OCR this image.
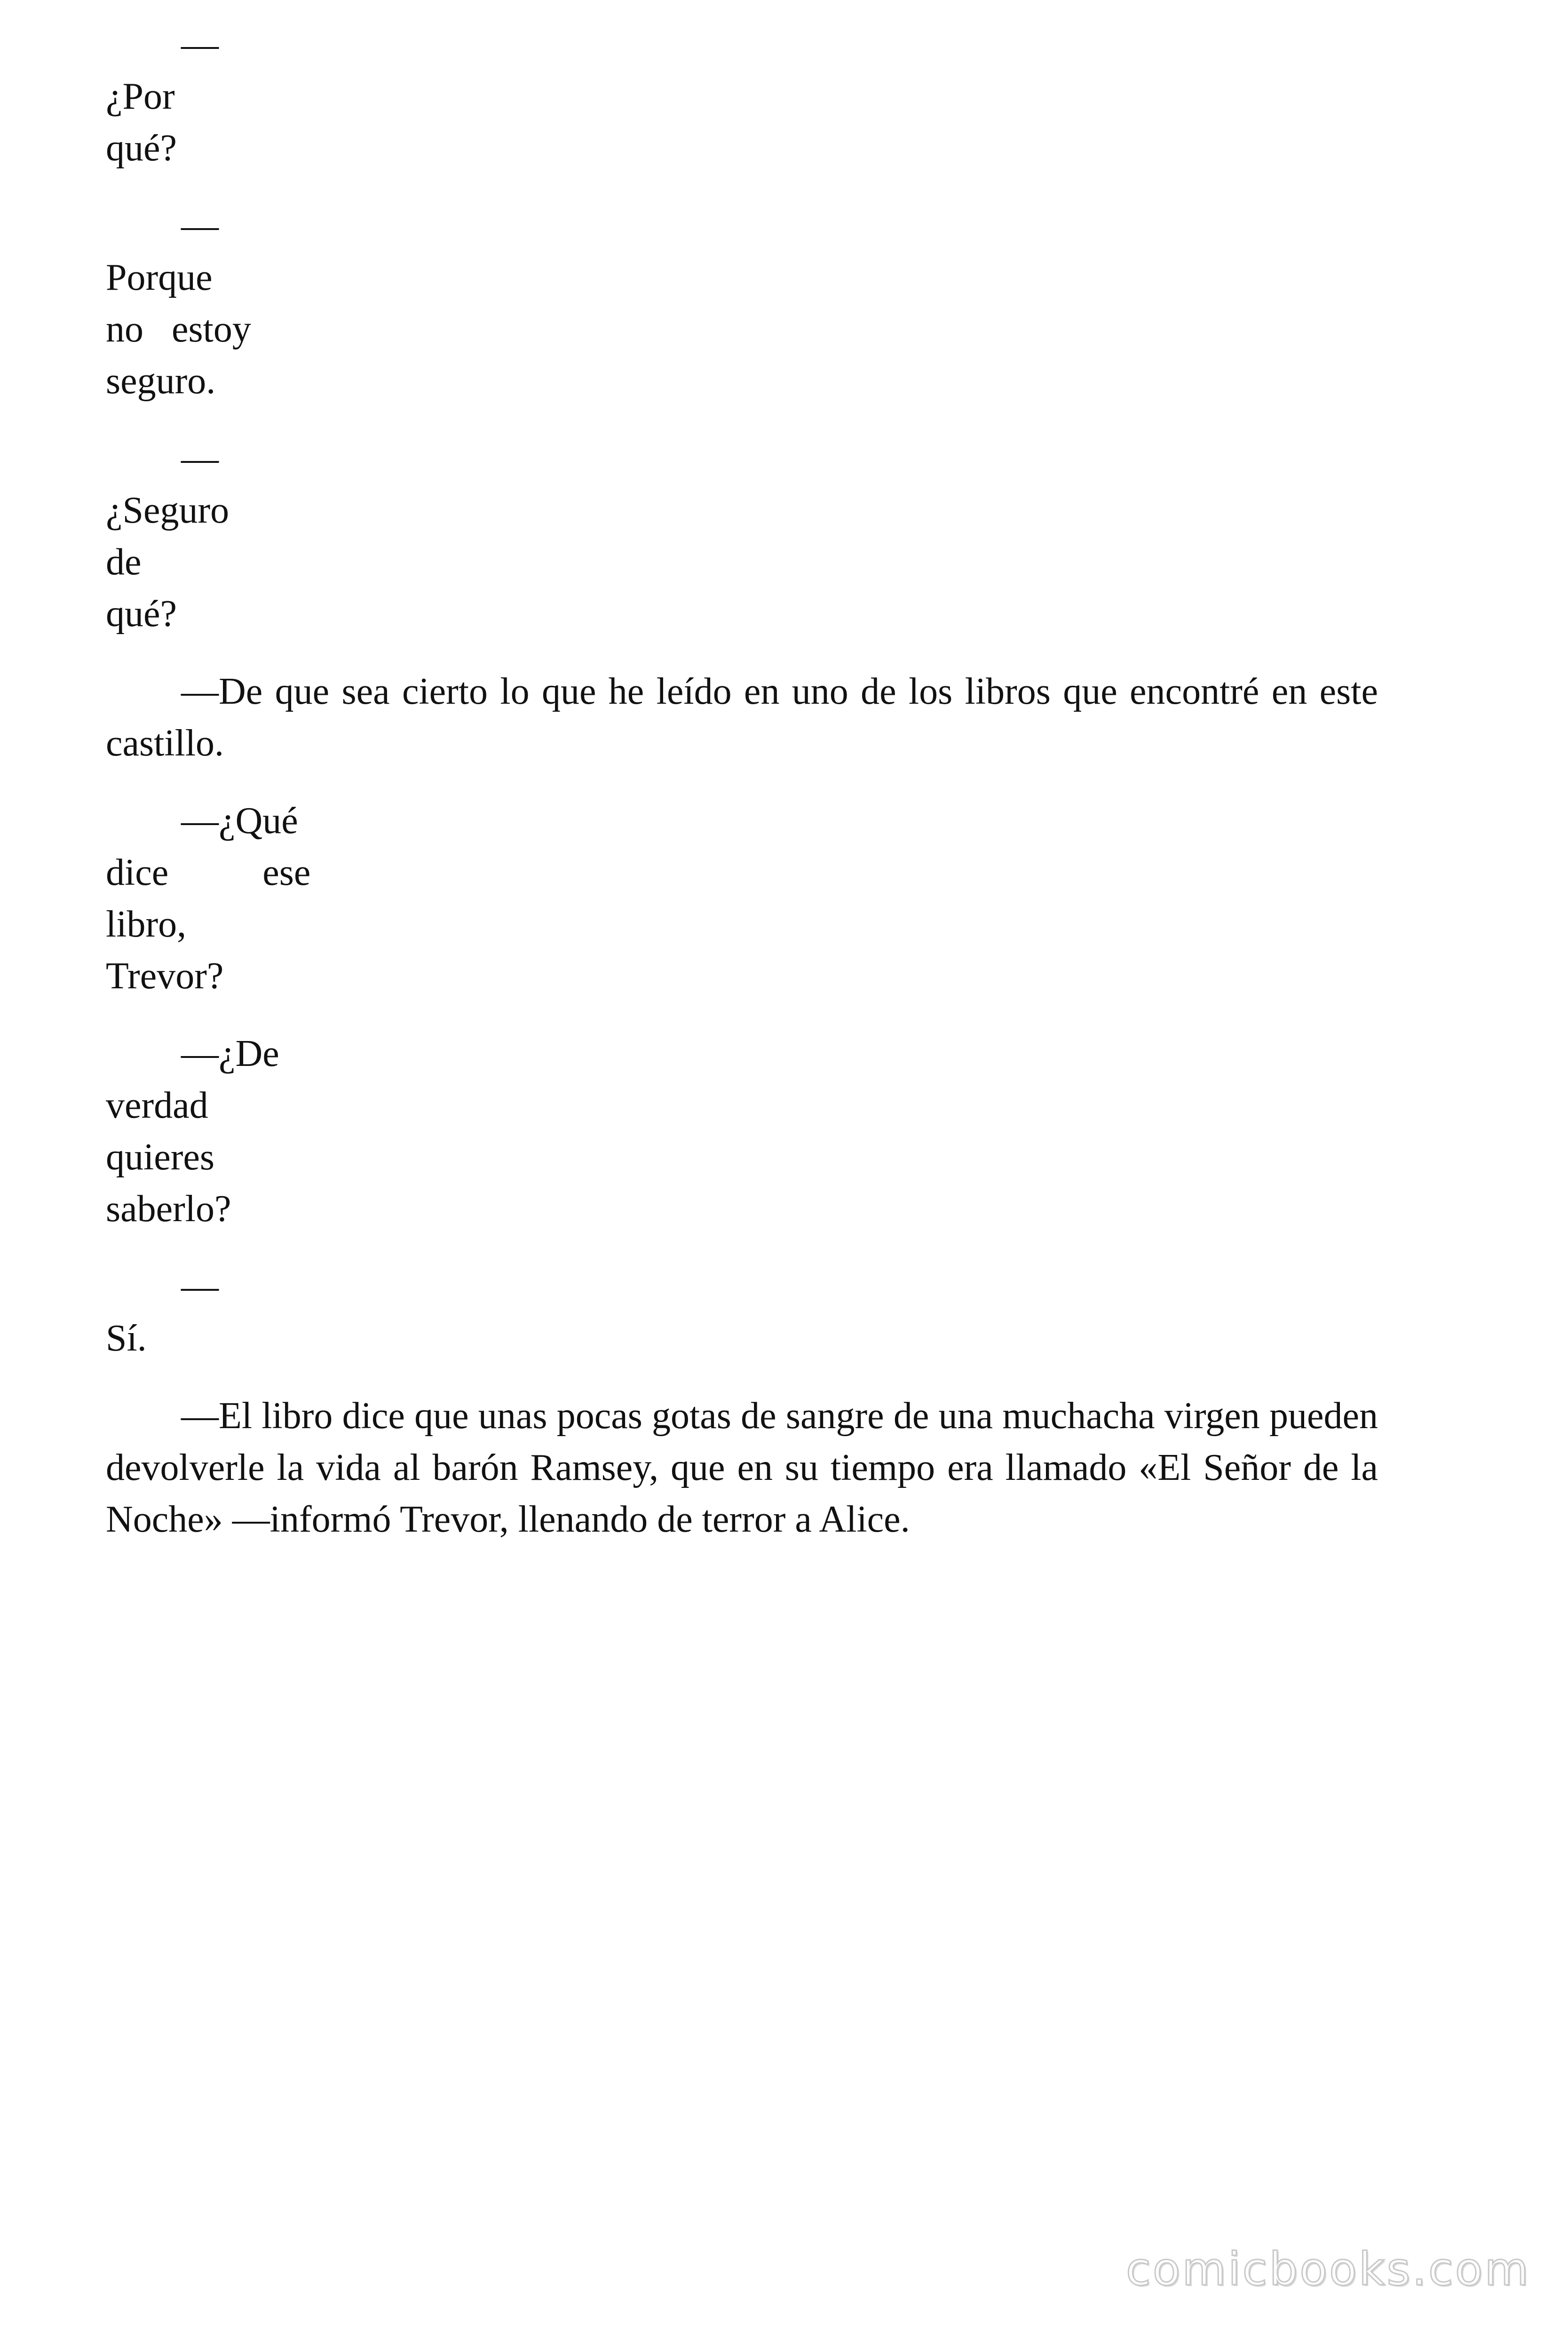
—
¿Por
qué?

—
Porque
no   estoy
seguro.

—
¿Seguro
de
qué?

—De que sea cierto lo que he leído en uno de los libros que encontré en este castillo.

—¿Qué
dice          ese
libro,
Trevor?

—¿De
verdad
quieres
saberlo?

—
Sí.

—El libro dice que unas pocas gotas de sangre de una muchacha virgen pueden devolverle la vida al barón Ramsey, que en su tiempo era llamado «El Señor de la Noche» —informó Trevor, llenando de terror a Alice.

comicbooks.com
